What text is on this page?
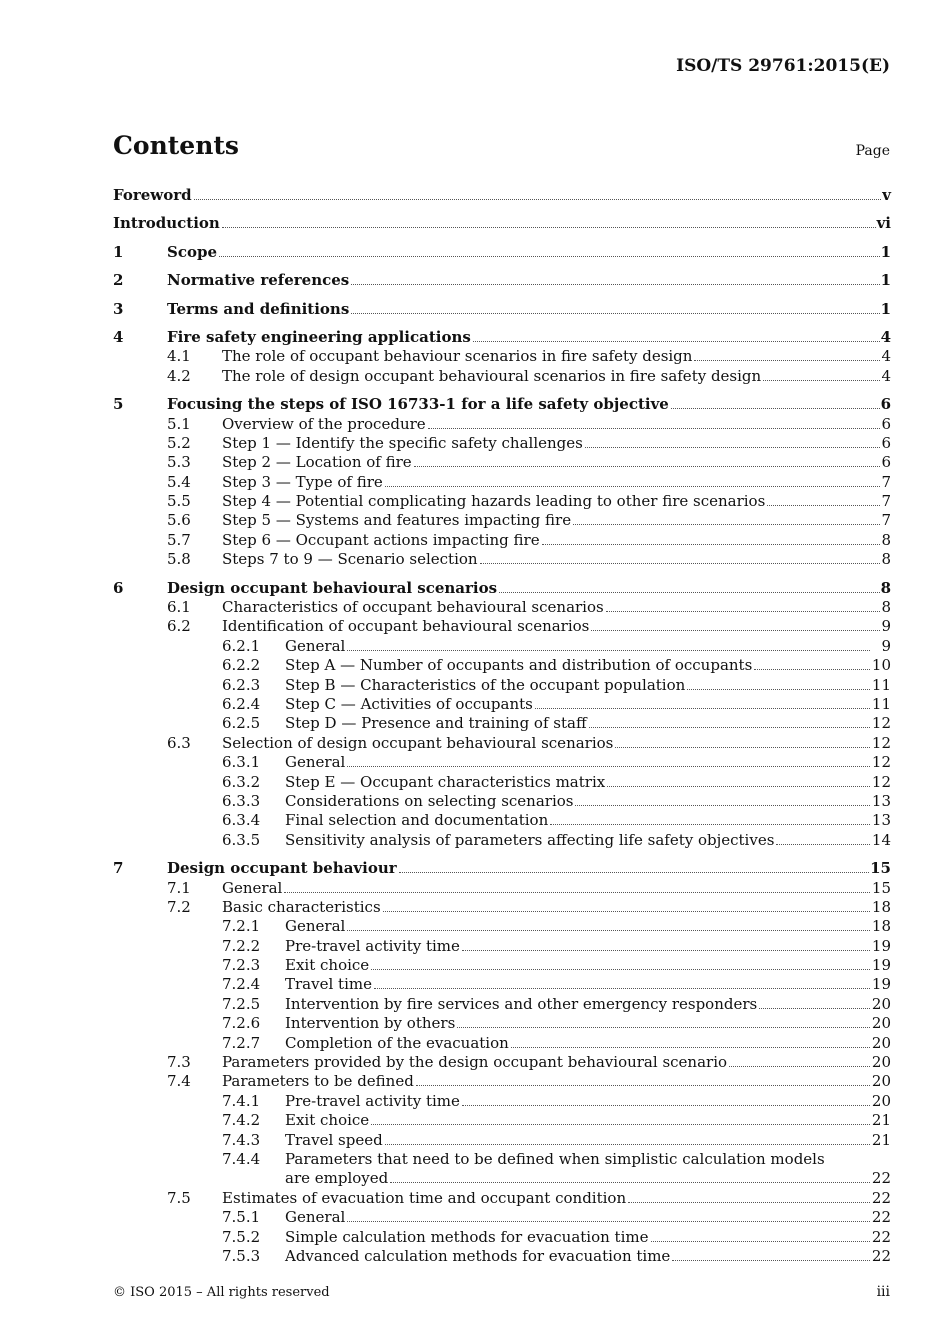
ISO/TS 29761:2015(E)
Contents	Page
Foreword	v
Introduction	vi
1	Scope	1
2	Normative references	1
3	Terms and definitions	1
4	Fire safety engineering applications	4
4.1 The role of occupant behaviour scenarios in fire safety design	4
4.2 The role of design occupant behavioural scenarios in fire safety design	4
5	Focusing the steps of ISO 16733-1 for a life safety objective	6
5.1 Overview of the procedure	6
5.2 Step 1 — Identify the specific safety challenges	6
5.3 Step 2 — Location of fire	6
5.4 Step 3 — Type of fire	7
5.5 Step 4 — Potential complicating hazards leading to other fire scenarios	7
5.6 Step 5 — Systems and features impacting fire	7
5.7 Step 6 — Occupant actions impacting fire	8
5.8 Steps 7 to 9 — Scenario selection	8
6	Design occupant behavioural scenarios	8
6.1 Characteristics of occupant behavioural scenarios	8
6.2 Identification of occupant behavioural scenarios	9
6.2.1 General	9
6.2.2 Step A — Number of occupants and distribution of occupants	10
6.2.3 Step B — Characteristics of the occupant population	11
6.2.4 Step C — Activities of occupants	11
6.2.5 Step D — Presence and training of staff	12
6.3 Selection of design occupant behavioural scenarios	12
6.3.1 General	12
6.3.2 Step E — Occupant characteristics matrix	12
6.3.3 Considerations on selecting scenarios	13
6.3.4 Final selection and documentation	13
6.3.5 Sensitivity analysis of parameters affecting life safety objectives	14
7	Design occupant behaviour	15
7.1 General	15
7.2 Basic characteristics	18
7.2.1 General	18
7.2.2 Pre-travel activity time	19
7.2.3 Exit choice	19
7.2.4 Travel time	19
7.2.5 Intervention by fire services and other emergency responders	20
7.2.6 Intervention by others	20
7.2.7 Completion of the evacuation	20
7.3 Parameters provided by the design occupant behavioural scenario	20
7.4 Parameters to be defined	20
7.4.1 Pre-travel activity time	20
7.4.2 Exit choice	21
7.4.3 Travel speed	21
7.4.4 Parameters that need to be defined when simplistic calculation models
are employed	22
7.5 Estimates of evacuation time and occupant condition	22
7.5.1 General	22
7.5.2 Simple calculation methods for evacuation time	22
7.5.3 Advanced calculation methods for evacuation time	22
© ISO 2015 – All rights reserved	iii
